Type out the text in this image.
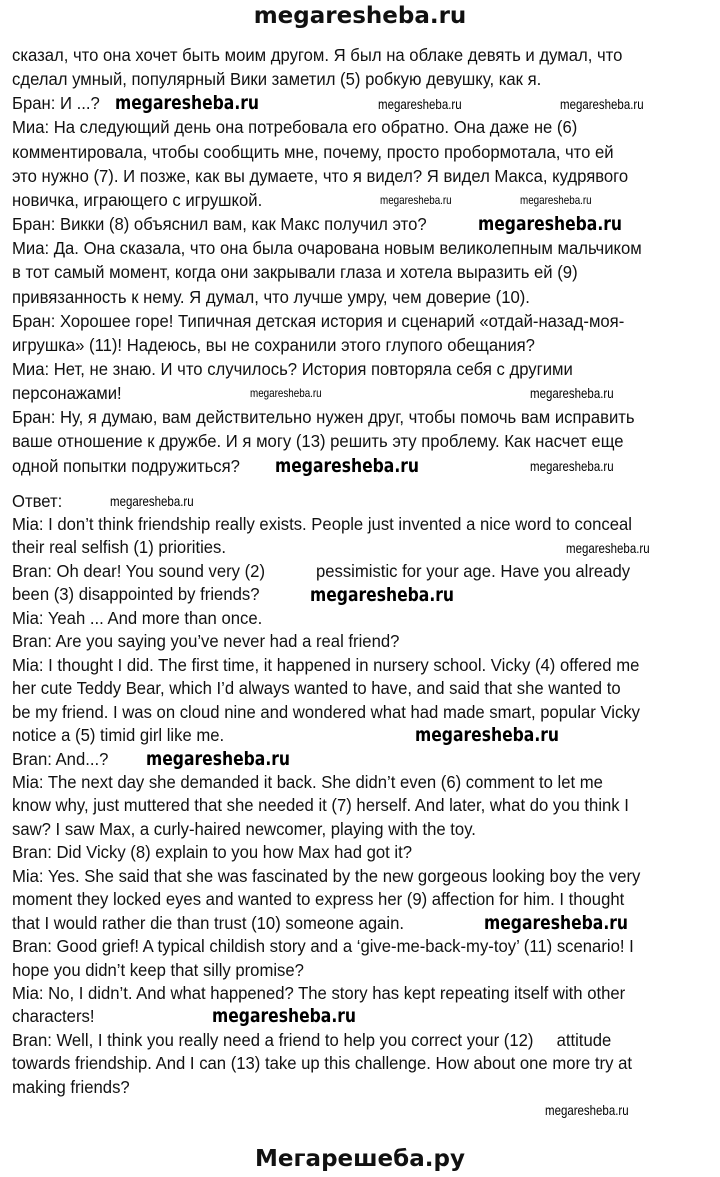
megaresheba.ru
сказал, что она хочет быть моим другом. Я был на облаке девять и думал, что
сделал умный, популярный Вики заметил (5) робкую девушку, как я.
Бран: И ...?
Миа: На следующий день она потребовала его обратно. Она даже не (6)
комментировала, чтобы сообщить мне, почему, просто пробормотала, что ей
это нужно (7). И позже, как вы думаете, что я видел? Я видел Макса, кудрявого
новичка, играющего с игрушкой.
Бран: Викки (8) объяснил вам, как Макс получил это?
Миа: Да. Она сказала, что она была очарована новым великолепным мальчиком
в тот самый момент, когда они закрывали глаза и хотела выразить ей (9)
привязанность к нему. Я думал, что лучше умру, чем доверие (10).
Бран: Хорошее горе! Типичная детская история и сценарий «отдай-назад-моя-
игрушка» (11)! Надеюсь, вы не сохранили этого глупого обещания?
Миа: Нет, не знаю. И что случилось? История повторяла себя с другими
персонажами!
Бран: Ну, я думаю, вам действительно нужен друг, чтобы помочь вам исправить
ваше отношение к дружбе. И я могу (13) решить эту проблему. Как насчет еще
одной попытки подружиться?
Ответ:
Mia: I don’t think friendship really exists. People just invented a nice word to conceal
their real selfish (1) priorities.
Bran: Oh dear! You sound very (2)           pessimistic for your age. Have you already
been (3) disappointed by friends?
Mia: Yeah ... And more than once.
Bran: Are you saying you’ve never had a real friend?
Mia: I thought I did. The first time, it happened in nursery school. Vicky (4) offered me
her cute Teddy Bear, which I’d always wanted to have, and said that she wanted to
be my friend. I was on cloud nine and wondered what had made smart, popular Vicky
notice a (5) timid girl like me.
Bran: And...?
Mia: The next day she demanded it back. She didn’t even (6) comment to let me
know why, just muttered that she needed it (7) herself. And later, what do you think I
saw? I saw Max, a curly-haired newcomer, playing with the toy.
Bran: Did Vicky (8) explain to you how Max had got it?
Mia: Yes. She said that she was fascinated by the new gorgeous looking boy the very
moment they locked eyes and wanted to express her (9) affection for him. I thought
that I would rather die than trust (10) someone again.
Bran: Good grief! A typical childish story and a ‘give-me-back-my-toy’ (11) scenario! I
hope you didn’t keep that silly promise?
Mia: No, I didn’t. And what happened? The story has kept repeating itself with other
characters!
Bran: Well, I think you really need a friend to help you correct your (12)     attitude
towards friendship. And I can (13) take up this challenge. How about one more try at
making friends?
megaresheba.ru	megaresheba.ru	megaresheba.ru
megaresheba.ru
megaresheba.ru	megaresheba.ru
megaresheba.ru	megaresheba.ru
megaresheba.ru	megaresheba.ru
megaresheba.ru
megaresheba.ru
megaresheba.ru
megaresheba.ru
megaresheba.ru
megaresheba.ru
megaresheba.ru
megaresheba.ru
Мегарешеба.ру
